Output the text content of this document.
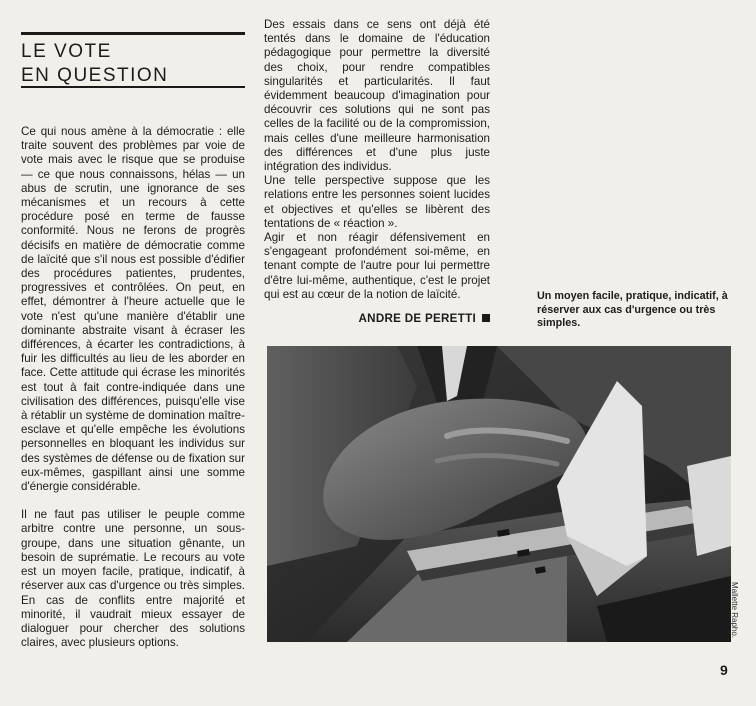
LE VOTE
EN QUESTION

Ce qui nous amène à la démocratie : elle traite souvent des problèmes par voie de vote mais avec le risque que se produise — ce que nous connaissons, hélas — un abus de scrutin, une ignorance de ses mécanismes et un recours à cette procédure posé en terme de fausse conformité. Nous ne ferons de progrès décisifs en matière de démocratie comme de laïcité que s'il nous est possible d'édifier des procédures patientes, prudentes, progressives et contrôlées. On peut, en effet, démontrer à l'heure actuelle que le vote n'est qu'une manière d'établir une dominante abstraite visant à écraser les différences, à écarter les contradictions, à fuir les difficultés au lieu de les aborder en face. Cette attitude qui écrase les minorités est tout à fait contre-indiquée dans une civilisation des différences, puisqu'elle vise à rétablir un système de domination maître-esclave et qu'elle empêche les évolutions personnelles en bloquant les individus sur des systèmes de défense ou de fixation sur eux-mêmes, gaspillant ainsi une somme d'énergie considérable.

Il ne faut pas utiliser le peuple comme arbitre contre une personne, un sous-groupe, dans une situation gênante, un besoin de suprématie. Le recours au vote est un moyen facile, pratique, indicatif, à réserver aux cas d'urgence ou très simples. En cas de conflits entre majorité et minorité, il vaudrait mieux essayer de dialoguer pour chercher des solutions claires, avec plusieurs options.

Des essais dans ce sens ont déjà été tentés dans le domaine de l'éducation pédagogique pour permettre la diversité des choix, pour rendre compatibles singularités et particularités. Il faut évidemment beaucoup d'imagination pour découvrir ces solutions qui ne sont pas celles de la facilité ou de la compromission, mais celles d'une meilleure harmonisation des différences et d'une plus juste intégration des individus.

Une telle perspective suppose que les relations entre les personnes soient lucides et objectives et qu'elles se libèrent des tentations de « réaction ».

Agir et non réagir défensivement en s'engageant profondément soi-même, en tenant compte de l'autre pour lui permettre d'être lui-même, authentique, c'est le projet qui est au cœur de la notion de laïcité.

ANDRE DE PERETTI
Un moyen facile, pratique, indicatif, à réserver aux cas d'urgence ou très simples.
Mallette Rapho.
9
